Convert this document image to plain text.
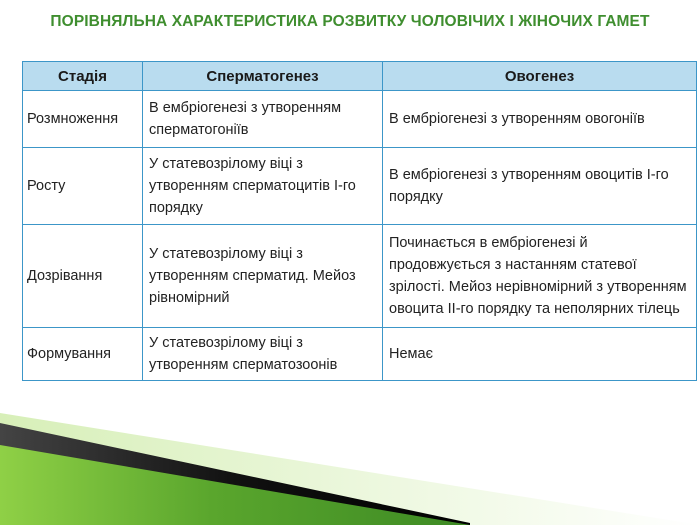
ПОРІВНЯЛЬНА ХАРАКТЕРИСТИКА РОЗВИТКУ ЧОЛОВІЧИХ І ЖІНОЧИХ ГАМЕТ
Стадія	Сперматогенез	Овогенез
Розмноження	В ембріогенезі з утворенням сперматогоніїв	В ембріогенезі з утворенням овогоніїв
Росту	У статевозрілому віці з утворенням сперматоцитів І-го порядку	В ембріогенезі з утворенням овоцитів І-го порядку
Дозрівання	У статевозрілому віці з утворенням сперматид. Мейоз рівномірний	Починається в ембріогенезі й продовжується з настанням статевої зрілості. Мейоз нерівномірний з утворенням овоцита ІІ-го порядку та неполярних тілець
Формування	У статевозрілому віці з утворенням сперматозоонів	Немає
